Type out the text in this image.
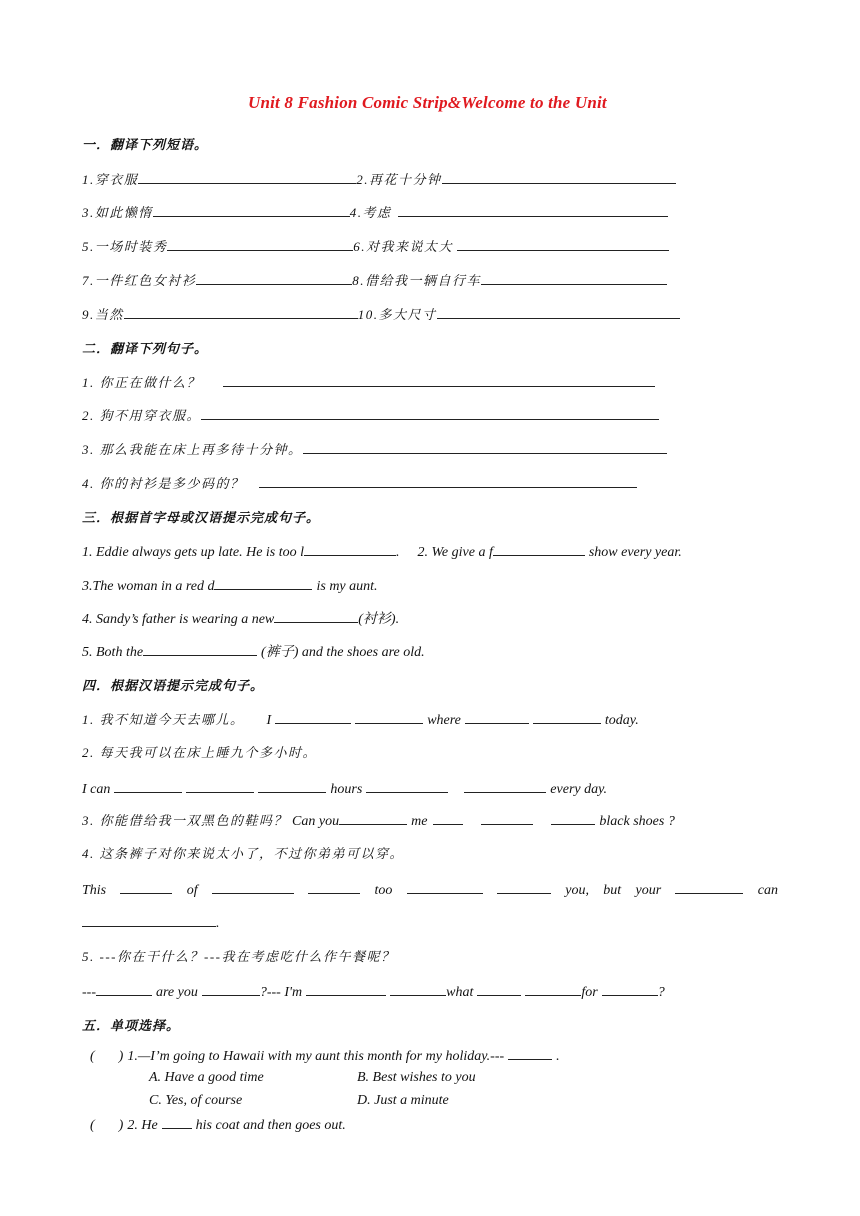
Unit 8 Fashion Comic Strip&Welcome to the Unit
一．翻译下列短语。
1.穿衣服	2.再花十分钟
3.如此懒惰	4.考虑
5.一场时装秀	6.对我来说太大
7.一件红色女衬衫	8.借给我一辆自行车
9.当然	10.多大尺寸
二．翻译下列句子。
1. 你正在做什么？
2. 狗不用穿衣服。
3. 那么我能在床上再多待十分钟。
4. 你的衬衫是多少码的？
三．根据首字母或汉语提示完成句子。
1. Eddie always gets up late. He is too l	. 2. We give a f	show every year.
3.The woman in a red d	is my aunt.
4. Sandy’s father is wearing a new	(衬衫).
5. Both the	(裤子) and the shoes are old.
四．根据汉语提示完成句子。
1. 我不知道今天去哪儿。 I	where	today.
2. 每天我可以在床上睡九个多小时。
I can	hours	every day.
3. 你能借给我一双黑色的鞋吗？ Can you	me	black shoes ?
4. 这条裤子对你来说太小了，不过你弟弟可以穿。
This	of	too	you, but your	can
.
5. ---你在干什么？---我在考虑吃什么作午餐呢？
---	are you	?--- I'm	what	for	?
五．单项选择。
( ) 1.—I’m going to Hawaii with my aunt this month for my holiday.---	.
A. Have a good time	B. Best wishes to you
C. Yes, of course	D. Just a minute
( ) 2. He	his coat and then goes out.
